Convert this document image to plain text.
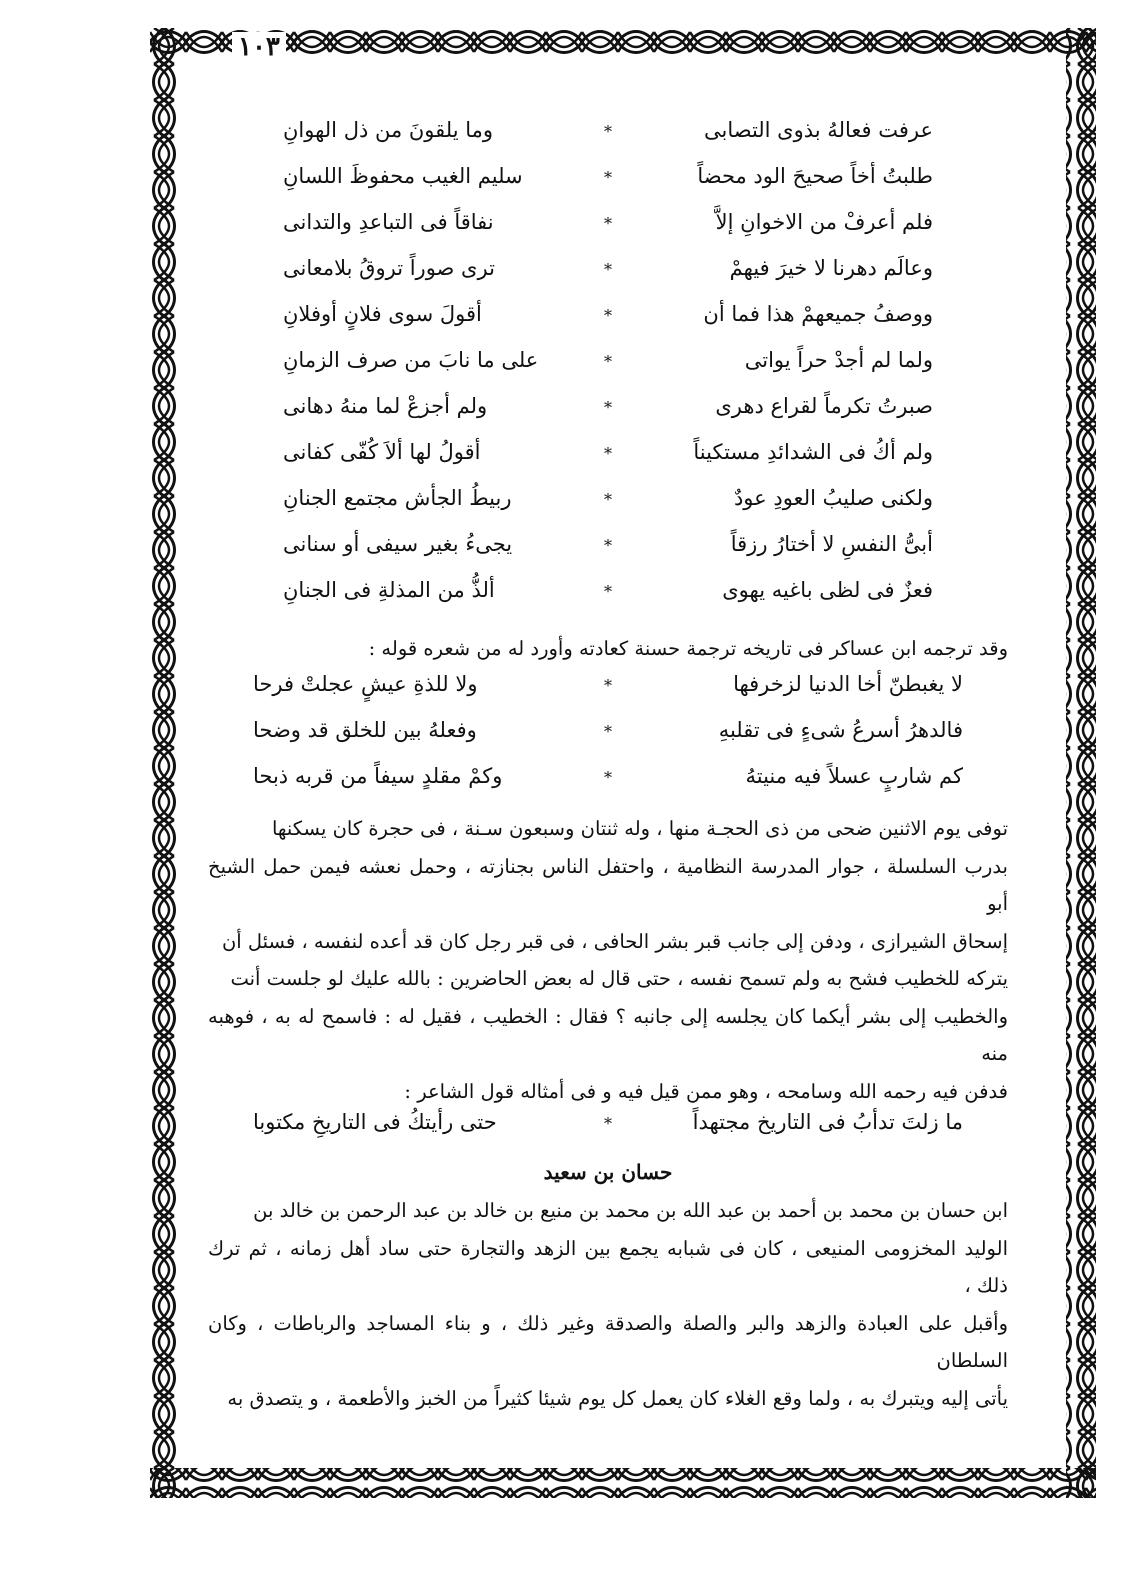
١٠٣
عرفت فعالهُ بذوى التصابى
*
وما يلقونَ من ذل الهوانِ
طلبتُ أخاً صحيحَ الود محضاً
*
سليم الغيب محفوظَ اللسانِ
فلم أعرفْ من الاخوانِ إلاَّ
*
نفاقاً فى التباعدِ والتدانى
وعالَم دهرنا لا خيرَ فيهمْ
*
ترى صوراً تروقُ بلامعانى
ووصفُ جميعهمْ هذا فما أن
*
أقولَ سوى فلانٍ أوفلانِ
ولما لم أجدْ حراً يواتى
*
على ما نابَ من صرف الزمانِ
صبرتُ تكرماً لقراع دهرى
*
ولم أجزعْ لما منهُ دهانى
ولم أكُ فى الشدائدِ مستكيناً
*
أقولُ لها ألاَ كُفّى كفانى
ولكنى صليبُ العودِ عودٌ
*
ربيطُ الجأش مجتمع الجنانِ
أبىُّ النفسِ لا أختارُ رزقاً
*
يجىءُ بغير سيفى أو سنانى
فعزٌ فى لظى باغيه يهوى
*
ألذُّ من المذلةِ فى الجنانِ

وقد ترجمه ابن عساكر فى تاريخه ترجمة حسنة كعادته وأورد له من شعره قوله :

لا يغبطنّ أخا الدنيا لزخرفها
*
ولا للذةِ عيشٍ عجلتْ فرحا
فالدهرُ أسرعُ شىءٍ فى تقلبهِ
*
وفعلهُ بين للخلق قد وضحا
كم شاربٍ عسلاً فيه منيتهُ
*
وكمْ مقلدٍ سيفاً من قربه ذبحا

توفى يوم الاثنين ضحى من ذى الحجـة منها ، وله ثنتان وسبعون سـنة ، فى حجرة كان يسكنها

بدرب السلسلة ، جوار المدرسة النظامية ، واحتفل الناس بجنازته ، وحمل نعشه فيمن حمل الشيخ أبو

إسحاق الشيرازى ، ودفن إلى جانب قبر بشر الحافى ، فى قبر رجل كان قد أعده لنفسه ، فسئل أن

يتركه للخطيب فشح به ولم تسمح نفسه ، حتى قال له بعض الحاضرين : بالله عليك لو جلست أنت

والخطيب إلى بشر أيكما كان يجلسه إلى جانبه ؟ فقال : الخطيب ، فقيل له : فاسمح له به ، فوهبه منه

فدفن فيه رحمه الله وسامحه ، وهو ممن قيل فيه و فى أمثاله قول الشاعر :

ما زلتَ تدأبُ فى التاريخ مجتهداً
*
حتى رأيتكُ فى التاريخِ مكتوبا
حسان بن سعيد

ابن حسان بن محمد بن أحمد بن عبد الله بن محمد بن منيع بن خالد بن عبد الرحمن بن خالد بن

الوليد المخزومى المنيعى ، كان فى شبابه يجمع بين الزهد والتجارة حتى ساد أهل زمانه ، ثم ترك ذلك ،

وأقبل على العبادة والزهد والبر والصلة والصدقة وغير ذلك ، و بناء المساجد والرباطات ، وكان السلطان

يأتى إليه ويتبرك به ، ولما وقع الغلاء كان يعمل كل يوم شيئا كثيراً من الخبز والأطعمة ، و يتصدق به
